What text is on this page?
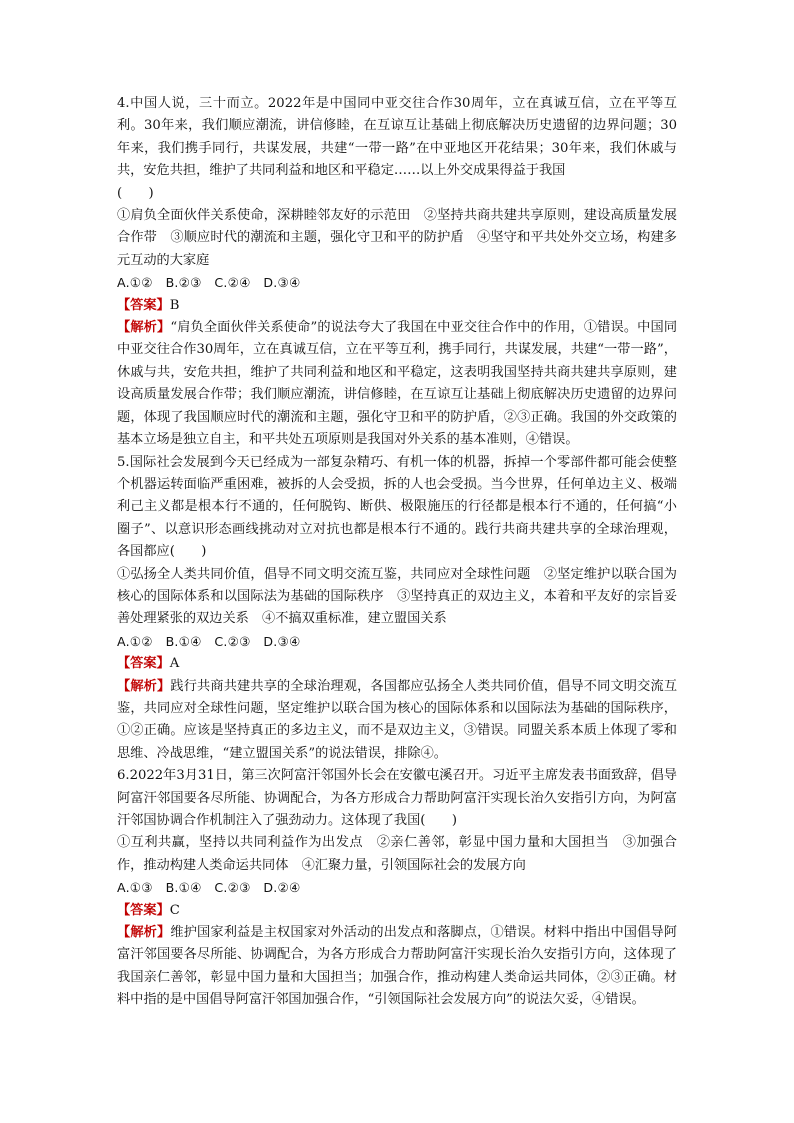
4.中国人说，三十而立。2022年是中国同中亚交往合作30周年，立在真诚互信，立在平等互利。30年来，我们顺应潮流，讲信修睦，在互谅互让基础上彻底解决历史遗留的边界问题；30年来，我们携手同行，共谋发展，共建“一带一路”在中亚地区开花结果；30年来，我们休戚与共，安危共担，维护了共同利益和地区和平稳定……以上外交成果得益于我国

(　　)

①肩负全面伙伴关系使命，深耕睦邻友好的示范田　②坚持共商共建共享原则，建设高质量发展合作带　③顺应时代的潮流和主题，强化守卫和平的防护盾　④坚守和平共处外交立场，构建多元互动的大家庭

A.①②　B.②③　C.②④　D.③④

【答案】B

【解析】“肩负全面伙伴关系使命”的说法夸大了我国在中亚交往合作中的作用，①错误。中国同中亚交往合作30周年，立在真诚互信，立在平等互利，携手同行，共谋发展，共建“一带一路”，休戚与共，安危共担，维护了共同利益和地区和平稳定，这表明我国坚持共商共建共享原则，建设高质量发展合作带；我们顺应潮流，讲信修睦，在互谅互让基础上彻底解决历史遗留的边界问题，体现了我国顺应时代的潮流和主题，强化守卫和平的防护盾，②③正确。我国的外交政策的基本立场是独立自主，和平共处五项原则是我国对外关系的基本准则，④错误。

5.国际社会发展到今天已经成为一部复杂精巧、有机一体的机器，拆掉一个零部件都可能会使整个机器运转面临严重困难，被拆的人会受损，拆的人也会受损。当今世界，任何单边主义、极端利己主义都是根本行不通的，任何脱钩、断供、极限施压的行径都是根本行不通的，任何搞“小圈子”、以意识形态画线挑动对立对抗也都是根本行不通的。践行共商共建共享的全球治理观，各国都应(　　)

①弘扬全人类共同价值，倡导不同文明交流互鉴，共同应对全球性问题　②坚定维护以联合国为核心的国际体系和以国际法为基础的国际秩序　③坚持真正的双边主义，本着和平友好的宗旨妥善处理紧张的双边关系　④不搞双重标准，建立盟国关系

A.①②　B.①④　C.②③　D.③④

【答案】A

【解析】践行共商共建共享的全球治理观，各国都应弘扬全人类共同价值，倡导不同文明交流互鉴，共同应对全球性问题，坚定维护以联合国为核心的国际体系和以国际法为基础的国际秩序，①②正确。应该是坚持真正的多边主义，而不是双边主义，③错误。同盟关系本质上体现了零和思维、冷战思维，“建立盟国关系”的说法错误，排除④。

6.2022年3月31日，第三次阿富汗邻国外长会在安徽屯溪召开。习近平主席发表书面致辞，倡导阿富汗邻国要各尽所能、协调配合，为各方形成合力帮助阿富汗实现长治久安指引方向，为阿富汗邻国协调合作机制注入了强劲动力。这体现了我国(　　)

①互利共赢，坚持以共同利益作为出发点　②亲仁善邻，彰显中国力量和大国担当　③加强合作，推动构建人类命运共同体　④汇聚力量，引领国际社会的发展方向

A.①③　B.①④　C.②③　D.②④

【答案】C

【解析】维护国家利益是主权国家对外活动的出发点和落脚点，①错误。材料中指出中国倡导阿富汗邻国要各尽所能、协调配合，为各方形成合力帮助阿富汗实现长治久安指引方向，这体现了我国亲仁善邻，彰显中国力量和大国担当；加强合作，推动构建人类命运共同体，②③正确。材料中指的是中国倡导阿富汗邻国加强合作，“引领国际社会发展方向”的说法欠妥，④错误。
